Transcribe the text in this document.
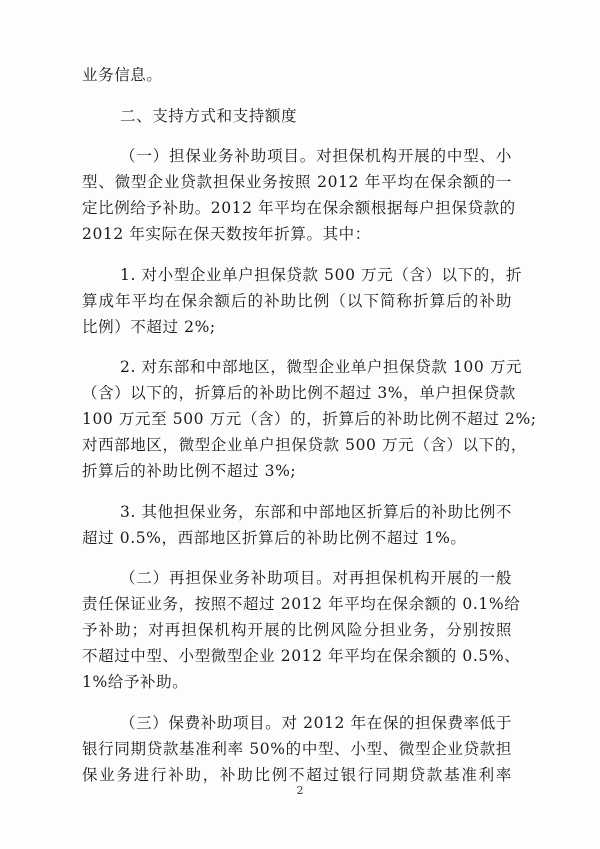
业务信息。
二、支持方式和支持额度
（一）担保业务补助项目。对担保机构开展的中型、小
型、微型企业贷款担保业务按照 2012 年平均在保余额的一
定比例给予补助。2012 年平均在保余额根据每户担保贷款的
2012 年实际在保天数按年折算。其中：
1. 对小型企业单户担保贷款 500 万元（含）以下的，折
算成年平均在保余额后的补助比例（以下简称折算后的补助
比例）不超过 2%;
2. 对东部和中部地区，微型企业单户担保贷款 100 万元
（含）以下的，折算后的补助比例不超过 3%，单户担保贷款
100 万元至 500 万元（含）的，折算后的补助比例不超过 2%;
对西部地区，微型企业单户担保贷款 500 万元（含）以下的，
折算后的补助比例不超过 3%;
3. 其他担保业务，东部和中部地区折算后的补助比例不
超过 0.5%，西部地区折算后的补助比例不超过 1%。
（二）再担保业务补助项目。对再担保机构开展的一般
责任保证业务，按照不超过 2012 年平均在保余额的 0.1%给
予补助；对再担保机构开展的比例风险分担业务，分别按照
不超过中型、小型微型企业 2012 年平均在保余额的 0.5%、
1%给予补助。
（三）保费补助项目。对 2012 年在保的担保费率低于
银行同期贷款基准利率 50%的中型、小型、微型企业贷款担
保业务进行补助，补助比例不超过银行同期贷款基准利率
2
